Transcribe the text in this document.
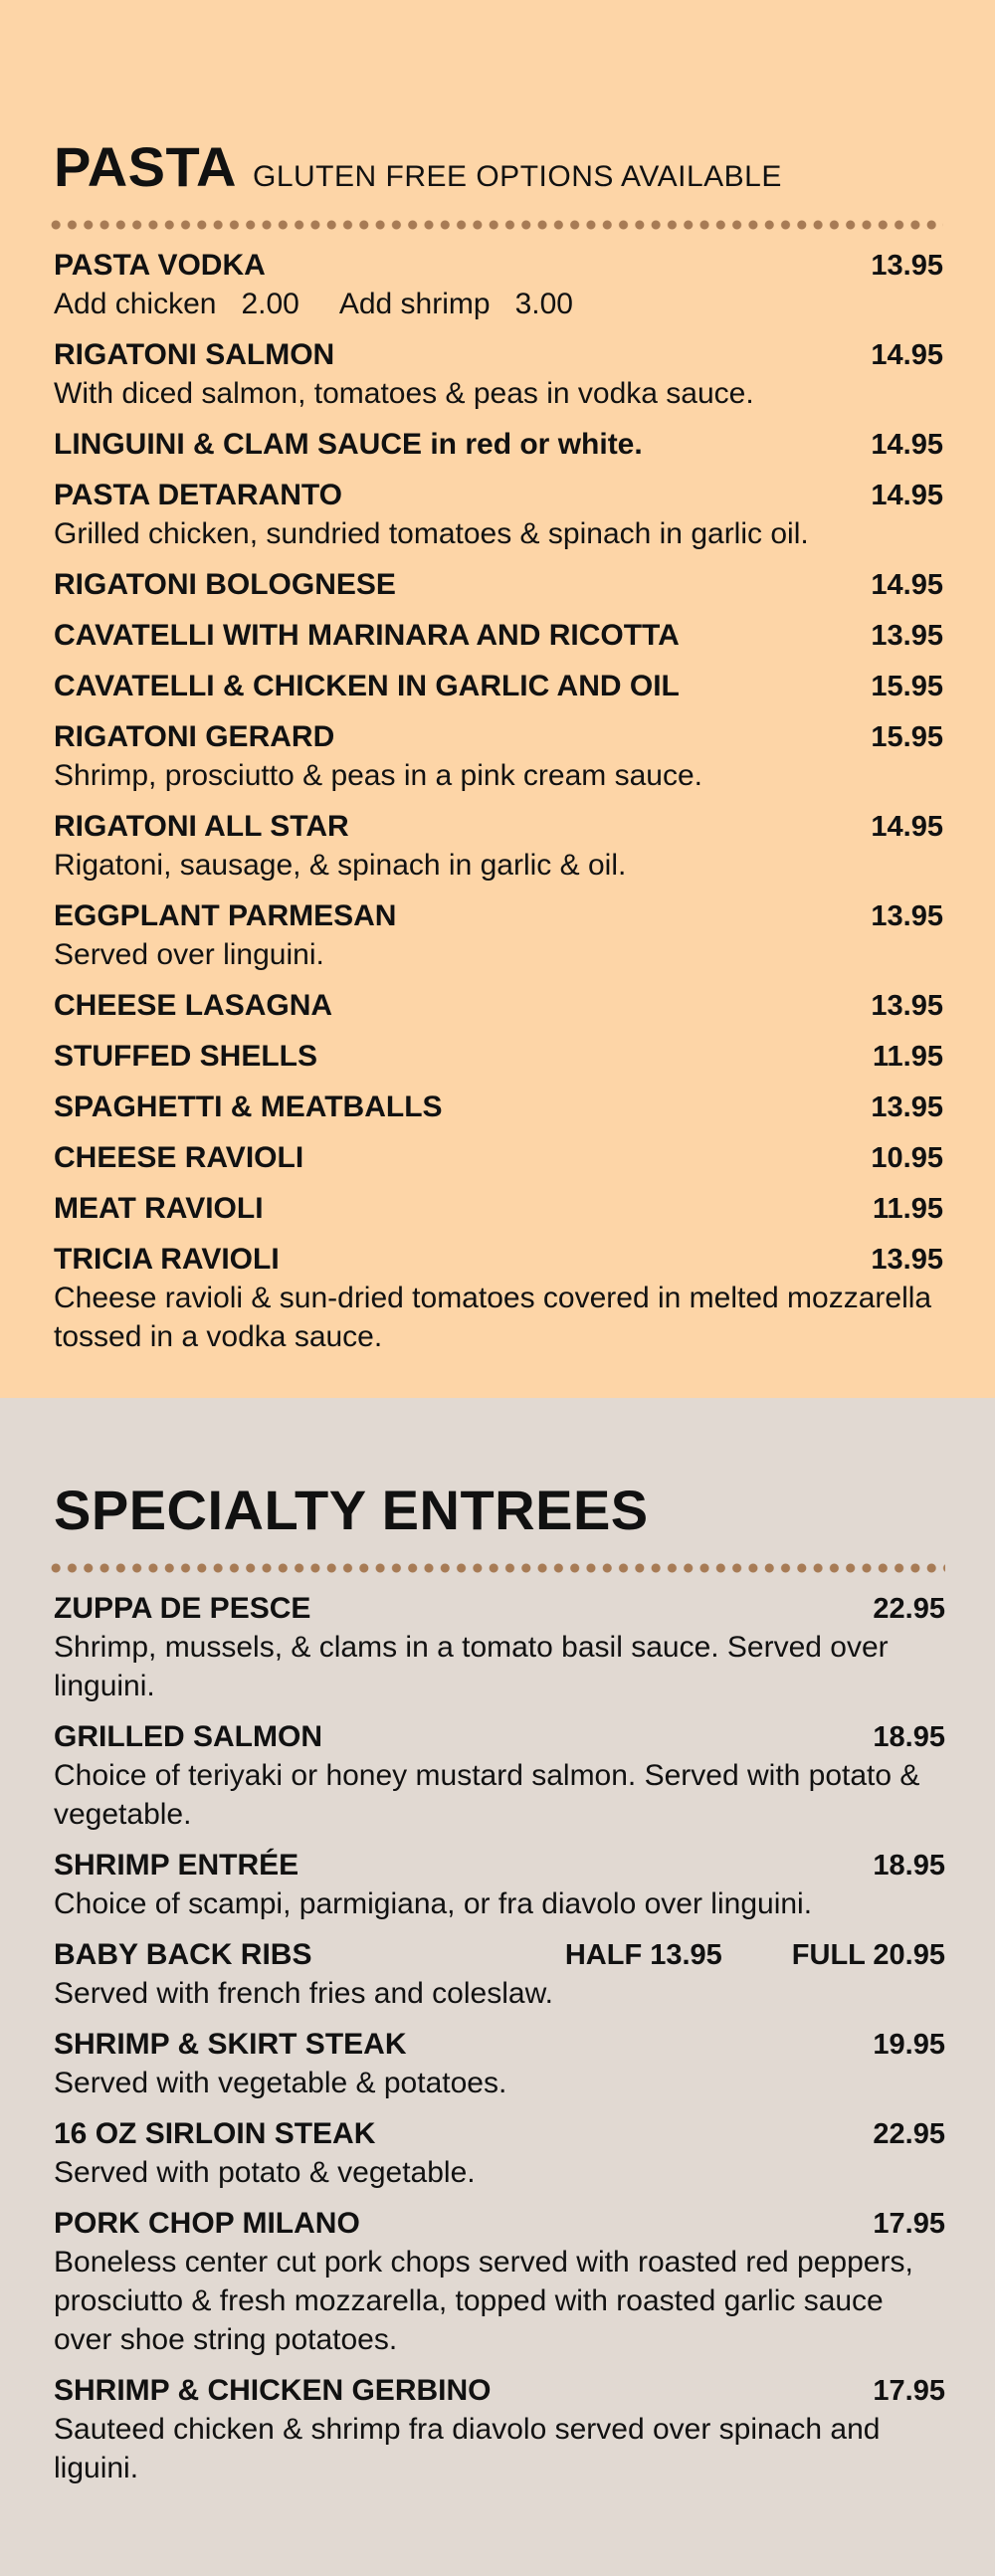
PASTA GLUTEN FREE OPTIONS AVAILABLE
PASTA VODKA	13.95
Add chicken   2.00     Add shrimp   3.00
RIGATONI SALMON	14.95
With diced salmon, tomatoes & peas in vodka sauce.
LINGUINI & CLAM SAUCE in red or white.	14.95
PASTA DETARANTO	14.95
Grilled chicken, sundried tomatoes & spinach in garlic oil.
RIGATONI BOLOGNESE	14.95
CAVATELLI WITH MARINARA AND RICOTTA	13.95
CAVATELLI & CHICKEN IN GARLIC AND OIL	15.95
RIGATONI GERARD	15.95
Shrimp, prosciutto & peas in a pink cream sauce.
RIGATONI ALL STAR	14.95
Rigatoni, sausage, & spinach in garlic & oil.
EGGPLANT PARMESAN	13.95
Served over linguini.
CHEESE LASAGNA	13.95
STUFFED SHELLS	11.95
SPAGHETTI & MEATBALLS	13.95
CHEESE RAVIOLI	10.95
MEAT RAVIOLI	11.95
TRICIA RAVIOLI	13.95
Cheese ravioli & sun-dried tomatoes covered in melted mozzarella tossed in a vodka sauce.
SPECIALTY ENTREES
ZUPPA DE PESCE	22.95
Shrimp, mussels, & clams in a tomato basil sauce. Served over linguini.
GRILLED SALMON	18.95
Choice of teriyaki or honey mustard salmon. Served with potato & vegetable.
SHRIMP ENTRÉE	18.95
Choice of scampi, parmigiana, or fra diavolo over linguini.
BABY BACK RIBS	HALF 13.95 FULL 20.95
Served with french fries and coleslaw.
SHRIMP & SKIRT STEAK	19.95
Served with vegetable & potatoes.
16 OZ SIRLOIN STEAK	22.95
Served with potato & vegetable.
PORK CHOP MILANO	17.95
Boneless center cut pork chops served with roasted red peppers, prosciutto & fresh mozzarella, topped with roasted garlic sauce over shoe string potatoes.
SHRIMP & CHICKEN GERBINO	17.95
Sauteed chicken & shrimp fra diavolo served over spinach and liguini.
